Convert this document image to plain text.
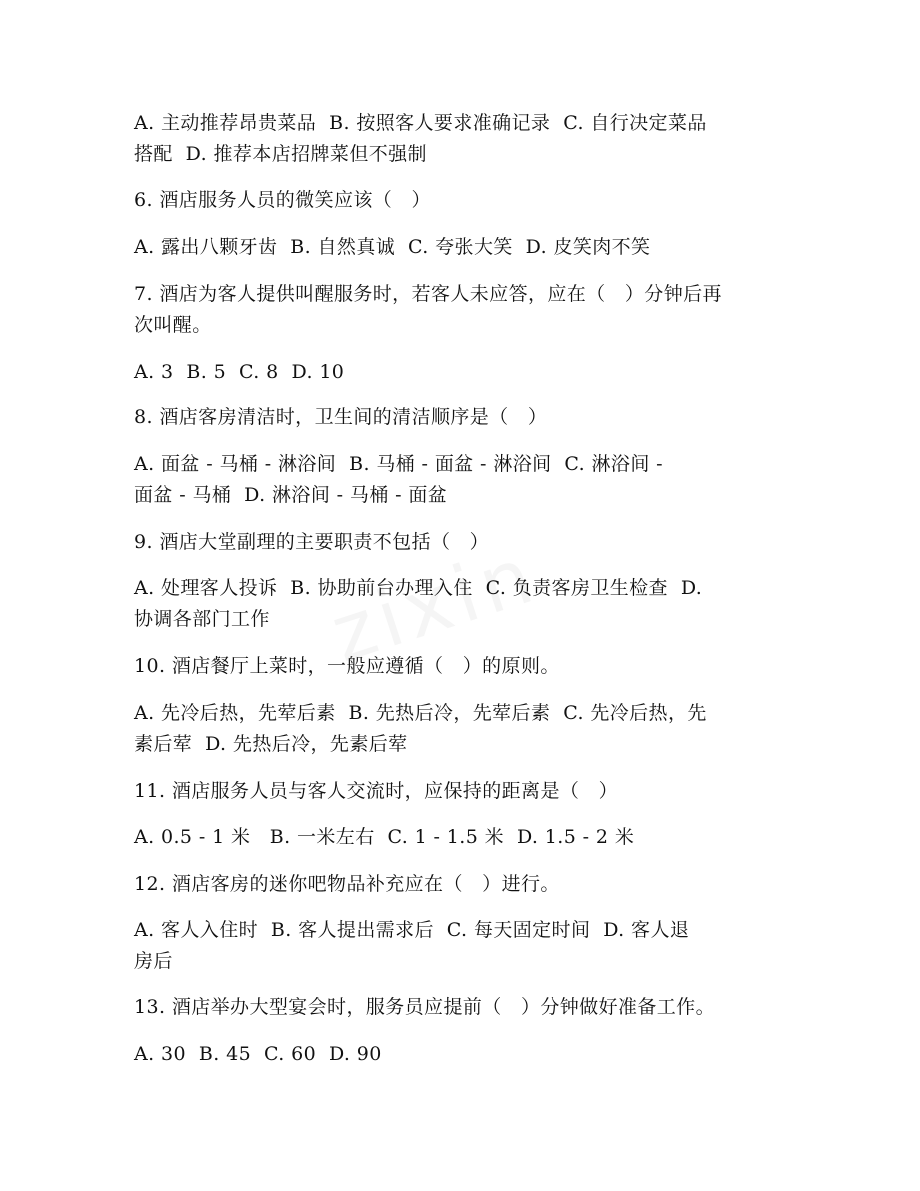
A. 主动推荐昂贵菜品  B. 按照客人要求准确记录  C. 自行决定菜品
搭配  D. 推荐本店招牌菜但不强制
6. 酒店服务人员的微笑应该（   ）
A. 露出八颗牙齿  B. 自然真诚  C. 夸张大笑  D. 皮笑肉不笑
7. 酒店为客人提供叫醒服务时，若客人未应答，应在（   ）分钟后再
次叫醒。
A. 3  B. 5  C. 8  D. 10
8. 酒店客房清洁时，卫生间的清洁顺序是（   ）
A. 面盆 - 马桶 - 淋浴间  B. 马桶 - 面盆 - 淋浴间  C. 淋浴间 -
面盆 - 马桶  D. 淋浴间 - 马桶 - 面盆
9. 酒店大堂副理的主要职责不包括（   ）
A. 处理客人投诉  B. 协助前台办理入住  C. 负责客房卫生检查  D.
协调各部门工作
10. 酒店餐厅上菜时，一般应遵循（   ）的原则。
A. 先冷后热，先荤后素  B. 先热后冷，先荤后素  C. 先冷后热，先
素后荤  D. 先热后冷，先素后荤
11. 酒店服务人员与客人交流时，应保持的距离是（   ）
A. 0.5 - 1 米   B. 一米左右  C. 1 - 1.5 米  D. 1.5 - 2 米
12. 酒店客房的迷你吧物品补充应在（   ）进行。
A. 客人入住时  B. 客人提出需求后  C. 每天固定时间  D. 客人退
房后
13. 酒店举办大型宴会时，服务员应提前（   ）分钟做好准备工作。
A. 30  B. 45  C. 60  D. 90
